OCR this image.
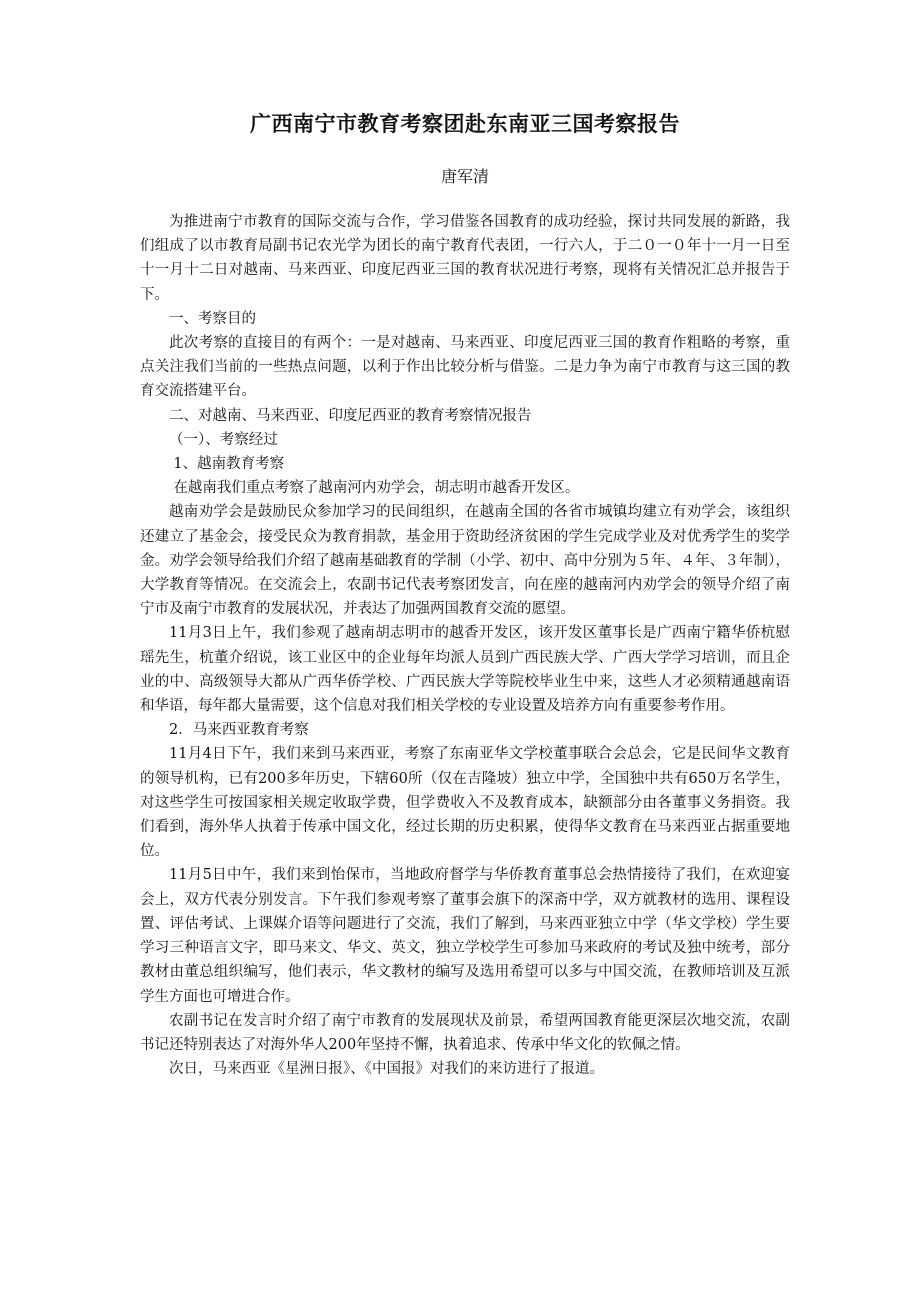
广西南宁市教育考察团赴东南亚三国考察报告
唐军清

为推进南宁市教育的国际交流与合作，学习借鉴各国教育的成功经验，探讨共同发展的新路，我们组成了以市教育局副书记农光学为团长的南宁教育代表团，一行六人，于二０一０年十一月一日至十一月十二日对越南、马来西亚、印度尼西亚三国的教育状况进行考察，现将有关情况汇总并报告于下。

一、考察目的

此次考察的直接目的有两个：一是对越南、马来西亚、印度尼西亚三国的教育作粗略的考察，重点关注我们当前的一些热点问题，以利于作出比较分析与借鉴。二是力争为南宁市教育与这三国的教育交流搭建平台。

二、对越南、马来西亚、印度尼西亚的教育考察情况报告

（一）、考察经过

1、越南教育考察

在越南我们重点考察了越南河内劝学会，胡志明市越香开发区。

越南劝学会是鼓励民众参加学习的民间组织，在越南全国的各省市城镇均建立有劝学会，该组织还建立了基金会，接受民众为教育捐款，基金用于资助经济贫困的学生完成学业及对优秀学生的奖学金。劝学会领导给我们介绍了越南基础教育的学制（小学、初中、高中分别为５年、４年、３年制），大学教育等情况。在交流会上，农副书记代表考察团发言，向在座的越南河内劝学会的领导介绍了南宁市及南宁市教育的发展状况，并表达了加强两国教育交流的愿望。

11月3日上午，我们参观了越南胡志明市的越香开发区，该开发区董事长是广西南宁籍华侨杭慰瑶先生，杭董介绍说，该工业区中的企业每年均派人员到广西民族大学、广西大学学习培训，而且企业的中、高级领导大都从广西华侨学校、广西民族大学等院校毕业生中来，这些人才必须精通越南语和华语，每年都大量需要，这个信息对我们相关学校的专业设置及培养方向有重要参考作用。

2．马来西亚教育考察

11月4日下午，我们来到马来西亚，考察了东南亚华文学校董事联合会总会，它是民间华文教育的领导机构，已有200多年历史，下辖60所（仅在吉隆坡）独立中学，全国独中共有650万名学生，对这些学生可按国家相关规定收取学费，但学费收入不及教育成本，缺额部分由各董事义务捐资。我们看到，海外华人执着于传承中国文化，经过长期的历史积累，使得华文教育在马来西亚占据重要地位。

11月5日中午，我们来到怡保市，当地政府督学与华侨教育董事总会热情接待了我们，在欢迎宴会上，双方代表分别发言。下午我们参观考察了董事会旗下的深斋中学，双方就教材的选用、课程设置、评估考试、上课媒介语等问题进行了交流，我们了解到，马来西亚独立中学（华文学校）学生要学习三种语言文字，即马来文、华文、英文，独立学校学生可参加马来政府的考试及独中统考，部分教材由董总组织编写，他们表示，华文教材的编写及选用希望可以多与中国交流，在教师培训及互派学生方面也可增进合作。

农副书记在发言时介绍了南宁市教育的发展现状及前景，希望两国教育能更深层次地交流，农副书记还特别表达了对海外华人200年坚持不懈，执着追求、传承中华文化的钦佩之情。

次日，马来西亚《星洲日报》、《中国报》对我们的来访进行了报道。
